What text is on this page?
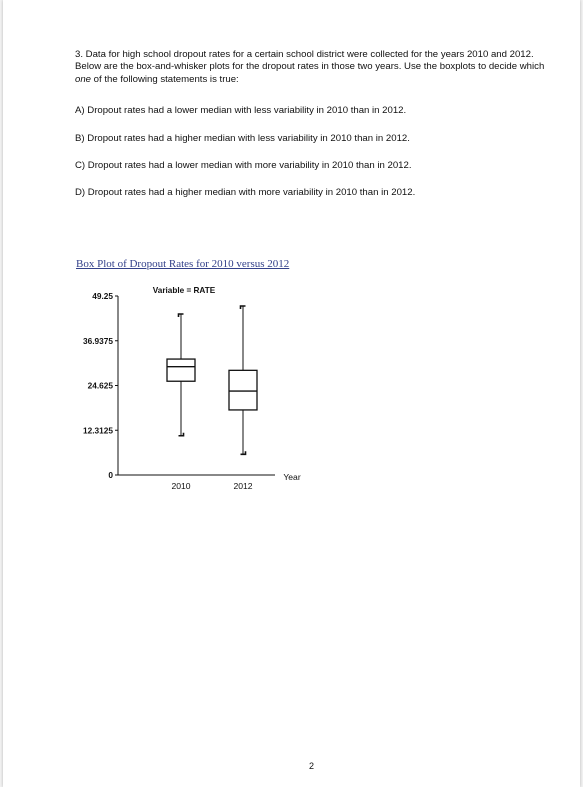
3. Data for high school dropout rates for a certain school district were collected for the years 2010 and 2012. Below are the box-and-whisker plots for the dropout rates in those two years. Use the boxplots to decide which one of the following statements is true:
A) Dropout rates had a lower median with less variability in 2010 than in 2012.
B) Dropout rates had a higher median with less variability in 2010 than in 2012.
C) Dropout rates had a lower median with more variability in 2010 than in 2012.
D) Dropout rates had a higher median with more variability in 2010 than in 2012.
Box Plot of Dropout Rates for 2010 versus 2012
0
12.3125
24.625
36.9375
49.25
Variable = RATE
2010	2012
Year
2
